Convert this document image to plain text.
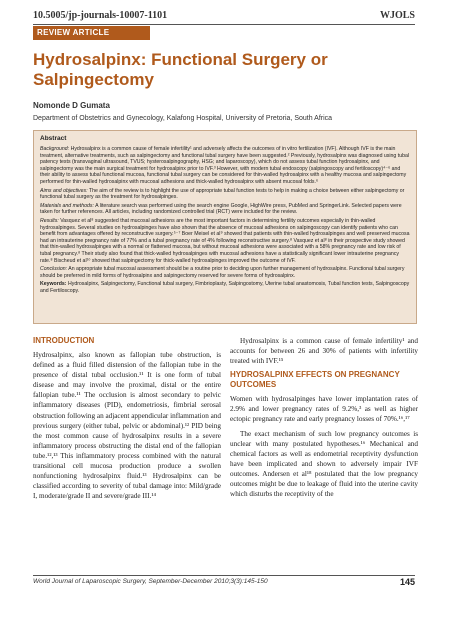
10.5005/jp-journals-10007-1101	WJOLS
REVIEW ARTICLE
Hydrosalpinx: Functional Surgery or Salpingectomy
Nomonde D Gumata
Department of Obstetrics and Gynecology, Kalafong Hospital, University of Pretoria, South Africa
Abstract

Background: Hydrosalpinx is a common cause of female infertility¹ and adversely affects the outcomes of in vitro fertilization (IVF). Although IVF is the main treatment, alternative treatments, such as salpingectomy and functional tubal surgery have been suggested.² Previously, hydrosalpinx was diagnosed using tubal patency tests (transvaginal ultrasound, TVUS; hysterosalpingography, HSG; and laparoscopy), which do not assess tubal function hydrosalpinx, and salpingectomy was the main surgical treatment for hydrosalpinx prior to IVF.³ However, with modern tubal endoscopy (salpingoscopy and fertiloscopy)⁴⁻⁶ and their ability to assess tubal functional mucosa, functional tubal surgery can be considered for thin-walled hydrosalpinx with a healthy mucosa and salpingectomy performed for thin-walled hydrosalpinx with mucosal adhesions and thick-walled hydrosalpinx with absent mucosal folds.⁶

Aims and objectives: The aim of the review is to highlight the use of appropriate tubal function tests to help in making a choice between either salpingectomy or functional tubal surgery as the treatment for hydrosalpinges.

Materials and methods: A literature search was performed using the search engine Google, HighWire press, PubMed and SpringerLink. Selected papers were taken for further references. All articles, including randomized controlled trial (RCT) were included for the review.

Results: Vasquez et al⁸ suggested that mucosal adhesions are the most important factors in determining fertility outcomes especially in thin-walled hydrosalpinges. Several studies on hydrosalpinges have also shown that the absence of mucosal adhesions on salpingoscopy can identify patients who can benefit from advantages offered by reconstructive surgery.⁵⁻⁷ Boer Meisel et al⁹ showed that patients with thin-walled hydrosalpinges and well preserved mucosa had an intrauterine pregnancy rate of 77% and a tubal pregnancy rate of 4% following reconstructive surgery.⁸ Vasquez et al⁸ in their prospective study showed that thin-walled hydrosalpinges with a normal or flattened mucosa, but without mucosal adhesions were associated with a 58% pregnancy rate and low risk of tubal pregnancy.⁸ Their study also found that thick-walled hydrosalpinges with mucosal adhesions have a statistically significant lower intrauterine pregnancy rate.⁸ Bischeud et al¹⁰ showed that salpingectomy for thick-walled hydrosalpinges improved the outcome of IVF.

Conclusion: An appropriate tubal mucosal assessment should be a routine prior to deciding upon further management of hydrosalpinx. Functional tubal surgery should be preferred in mild forms of hydrosalpinx and salpingectomy reserved for severe forms of hydrosalpinx.

Keywords: Hydrosalpinx, Salpingectomy, Functional tubal surgery, Fimbrioplasty, Salpingostomy, Uterine tubal anastomosis, Tubal function tests, Salpingoscopy and Fertiloscopy.

INTRODUCTION

Hydrosalpinx, also known as fallopian tube obstruction, is defined as a fluid filled distension of the fallopian tube in the presence of distal tubal occlusion.¹¹ It is one form of tubal disease and may involve the proximal, distal or the entire fallopian tube.¹¹ The occlusion is almost secondary to pelvic inflammatory diseases (PID), endometriosis, fimbrial serosal obstruction following an adjacent appendicular inflammation and previous surgery (either tubal, pelvic or abdominal).¹² PID being the most common cause of hydrosalpinx results in a severe inflammatory process obstructing the distal end of the fallopian tube.¹²,¹³ This inflammatory process combined with the natural transitional cell mucosa production produce a swollen nonfunctioning hydrosalpinx fluid.¹³ Hydrosalpinx can be classified according to severity of tubal damage into: Mild/grade I, moderate/grade II and severe/grade III.¹⁴

Hydrosalpinx is a common cause of female infertility¹ and accounts for between 26 and 30% of patients with infertility treated with IVF.¹⁵

HYDROSALPINX EFFECTS ON PREGNANCY OUTCOMES

Women with hydrosalpinges have lower implantation rates of 2.9% and lower pregnancy rates of 9.2%,³ as well as higher ectopic pregnancy rate and early pregnancy losses of 70%.¹⁶,¹⁷

The exact mechanism of such low pregnancy outcomes is unclear with many postulated hypotheses.¹⁶ Mechanical and chemical factors as well as endometrial receptivity dysfunction have been implicated and shown to adversely impair IVF outcomes. Andersen et al¹⁸ postulated that the low pregnancy outcomes might be due to leakage of fluid into the uterine cavity which disturbs the receptivity of the

World Journal of Laparoscopic Surgery, September-December 2010;3(3):145-150	145
